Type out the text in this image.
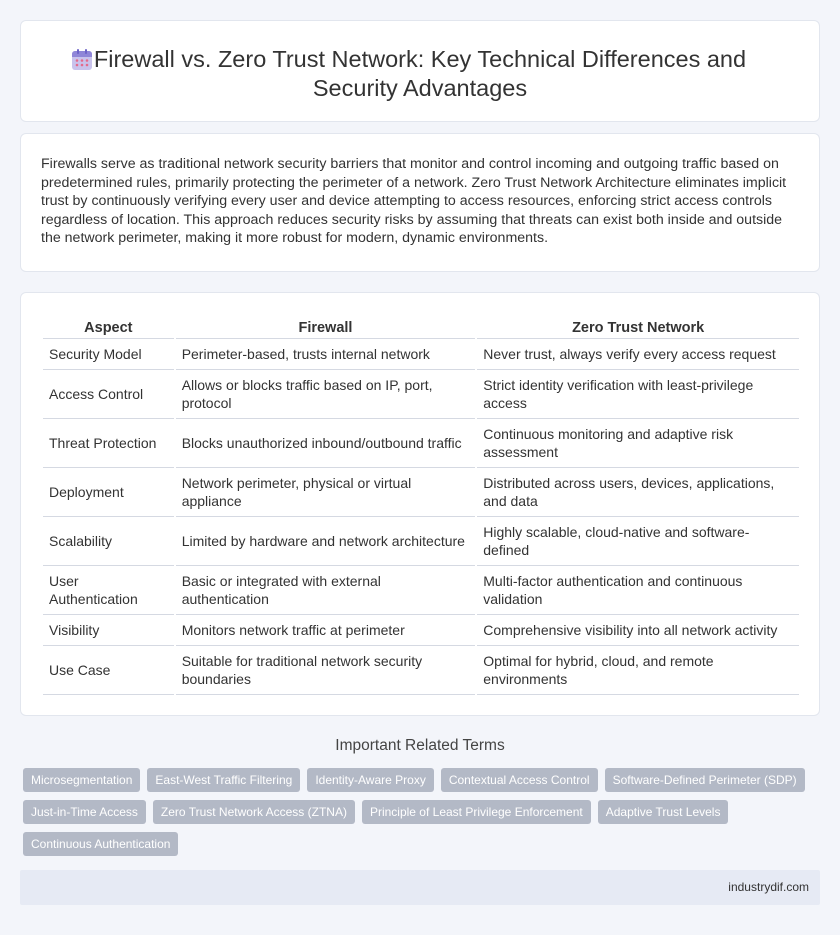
Firewall vs. Zero Trust Network: Key Technical Differences and Security Advantages

Firewalls serve as traditional network security barriers that monitor and control incoming and outgoing traffic based on predetermined rules, primarily protecting the perimeter of a network. Zero Trust Network Architecture eliminates implicit trust by continuously verifying every user and device attempting to access resources, enforcing strict access controls regardless of location. This approach reduces security risks by assuming that threats can exist both inside and outside the network perimeter, making it more robust for modern, dynamic environments.

Aspect	Firewall	Zero Trust Network
Security Model	Perimeter-based, trusts internal network	Never trust, always verify every access request
Access Control	Allows or blocks traffic based on IP, port, protocol	Strict identity verification with least-privilege access
Threat Protection	Blocks unauthorized inbound/outbound traffic	Continuous monitoring and adaptive risk assessment
Deployment	Network perimeter, physical or virtual appliance	Distributed across users, devices, applications, and data
Scalability	Limited by hardware and network architecture	Highly scalable, cloud-native and software-defined
User Authentication	Basic or integrated with external authentication	Multi-factor authentication and continuous validation
Visibility	Monitors network traffic at perimeter	Comprehensive visibility into all network activity
Use Case	Suitable for traditional network security boundaries	Optimal for hybrid, cloud, and remote environments
Important Related Terms
Microsegmentation	East-West Traffic Filtering	Identity-Aware Proxy	Contextual Access Control	Software-Defined Perimeter (SDP)
Just-in-Time Access	Zero Trust Network Access (ZTNA)	Principle of Least Privilege Enforcement	Adaptive Trust Levels
Continuous Authentication
industrydif.com
